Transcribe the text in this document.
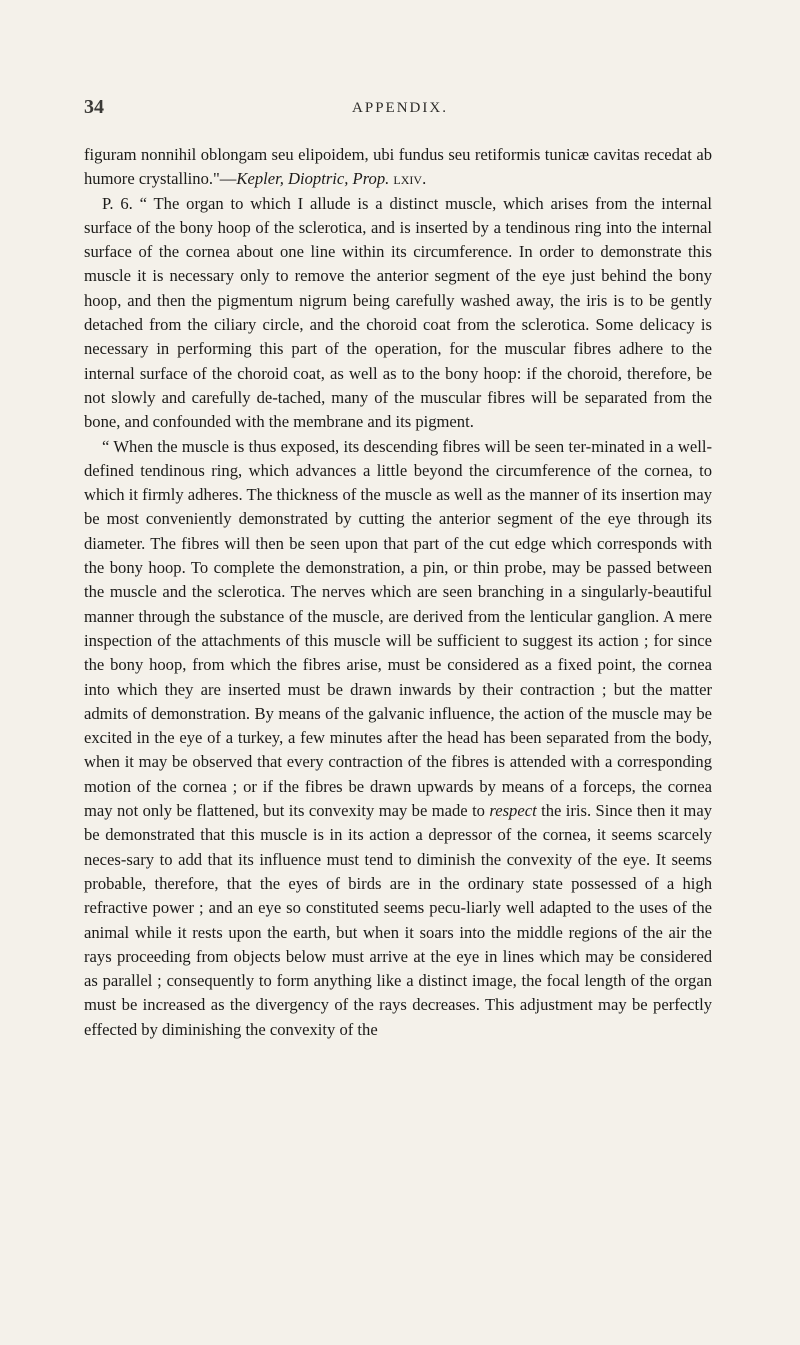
34	APPENDIX.

figuram nonnihil oblongam seu elipoidem, ubi fundus seu retiformis tunicæ cavitas recedat ab humore crystallino."—Kepler, Dioptric, Prop. lxiv.

P. 6. “ The organ to which I allude is a distinct muscle, which arises from the internal surface of the bony hoop of the sclerotica, and is inserted by a tendinous ring into the internal surface of the cornea about one line within its circumference. In order to demonstrate this muscle it is necessary only to remove the anterior segment of the eye just behind the bony hoop, and then the pigmentum nigrum being carefully washed away, the iris is to be gently detached from the ciliary circle, and the choroid coat from the sclerotica. Some delicacy is necessary in performing this part of the operation, for the muscular fibres adhere to the internal surface of the choroid coat, as well as to the bony hoop: if the choroid, therefore, be not slowly and carefully de-tached, many of the muscular fibres will be separated from the bone, and confounded with the membrane and its pigment.

“ When the muscle is thus exposed, its descending fibres will be seen ter-minated in a well-defined tendinous ring, which advances a little beyond the circumference of the cornea, to which it firmly adheres. The thickness of the muscle as well as the manner of its insertion may be most conveniently demonstrated by cutting the anterior segment of the eye through its diameter. The fibres will then be seen upon that part of the cut edge which corresponds with the bony hoop. To complete the demonstration, a pin, or thin probe, may be passed between the muscle and the sclerotica. The nerves which are seen branching in a singularly-beautiful manner through the substance of the muscle, are derived from the lenticular ganglion. A mere inspection of the attachments of this muscle will be sufficient to suggest its action ; for since the bony hoop, from which the fibres arise, must be considered as a fixed point, the cornea into which they are inserted must be drawn inwards by their contraction ; but the matter admits of demonstration. By means of the galvanic influence, the action of the muscle may be excited in the eye of a turkey, a few minutes after the head has been separated from the body, when it may be observed that every contraction of the fibres is attended with a corresponding motion of the cornea ; or if the fibres be drawn upwards by means of a forceps, the cornea may not only be flattened, but its convexity may be made to respect the iris. Since then it may be demonstrated that this muscle is in its action a depressor of the cornea, it seems scarcely neces-sary to add that its influence must tend to diminish the convexity of the eye. It seems probable, therefore, that the eyes of birds are in the ordinary state possessed of a high refractive power ; and an eye so constituted seems pecu-liarly well adapted to the uses of the animal while it rests upon the earth, but when it soars into the middle regions of the air the rays proceeding from objects below must arrive at the eye in lines which may be considered as parallel ; consequently to form anything like a distinct image, the focal length of the organ must be increased as the divergency of the rays decreases. This adjustment may be perfectly effected by diminishing the convexity of the
